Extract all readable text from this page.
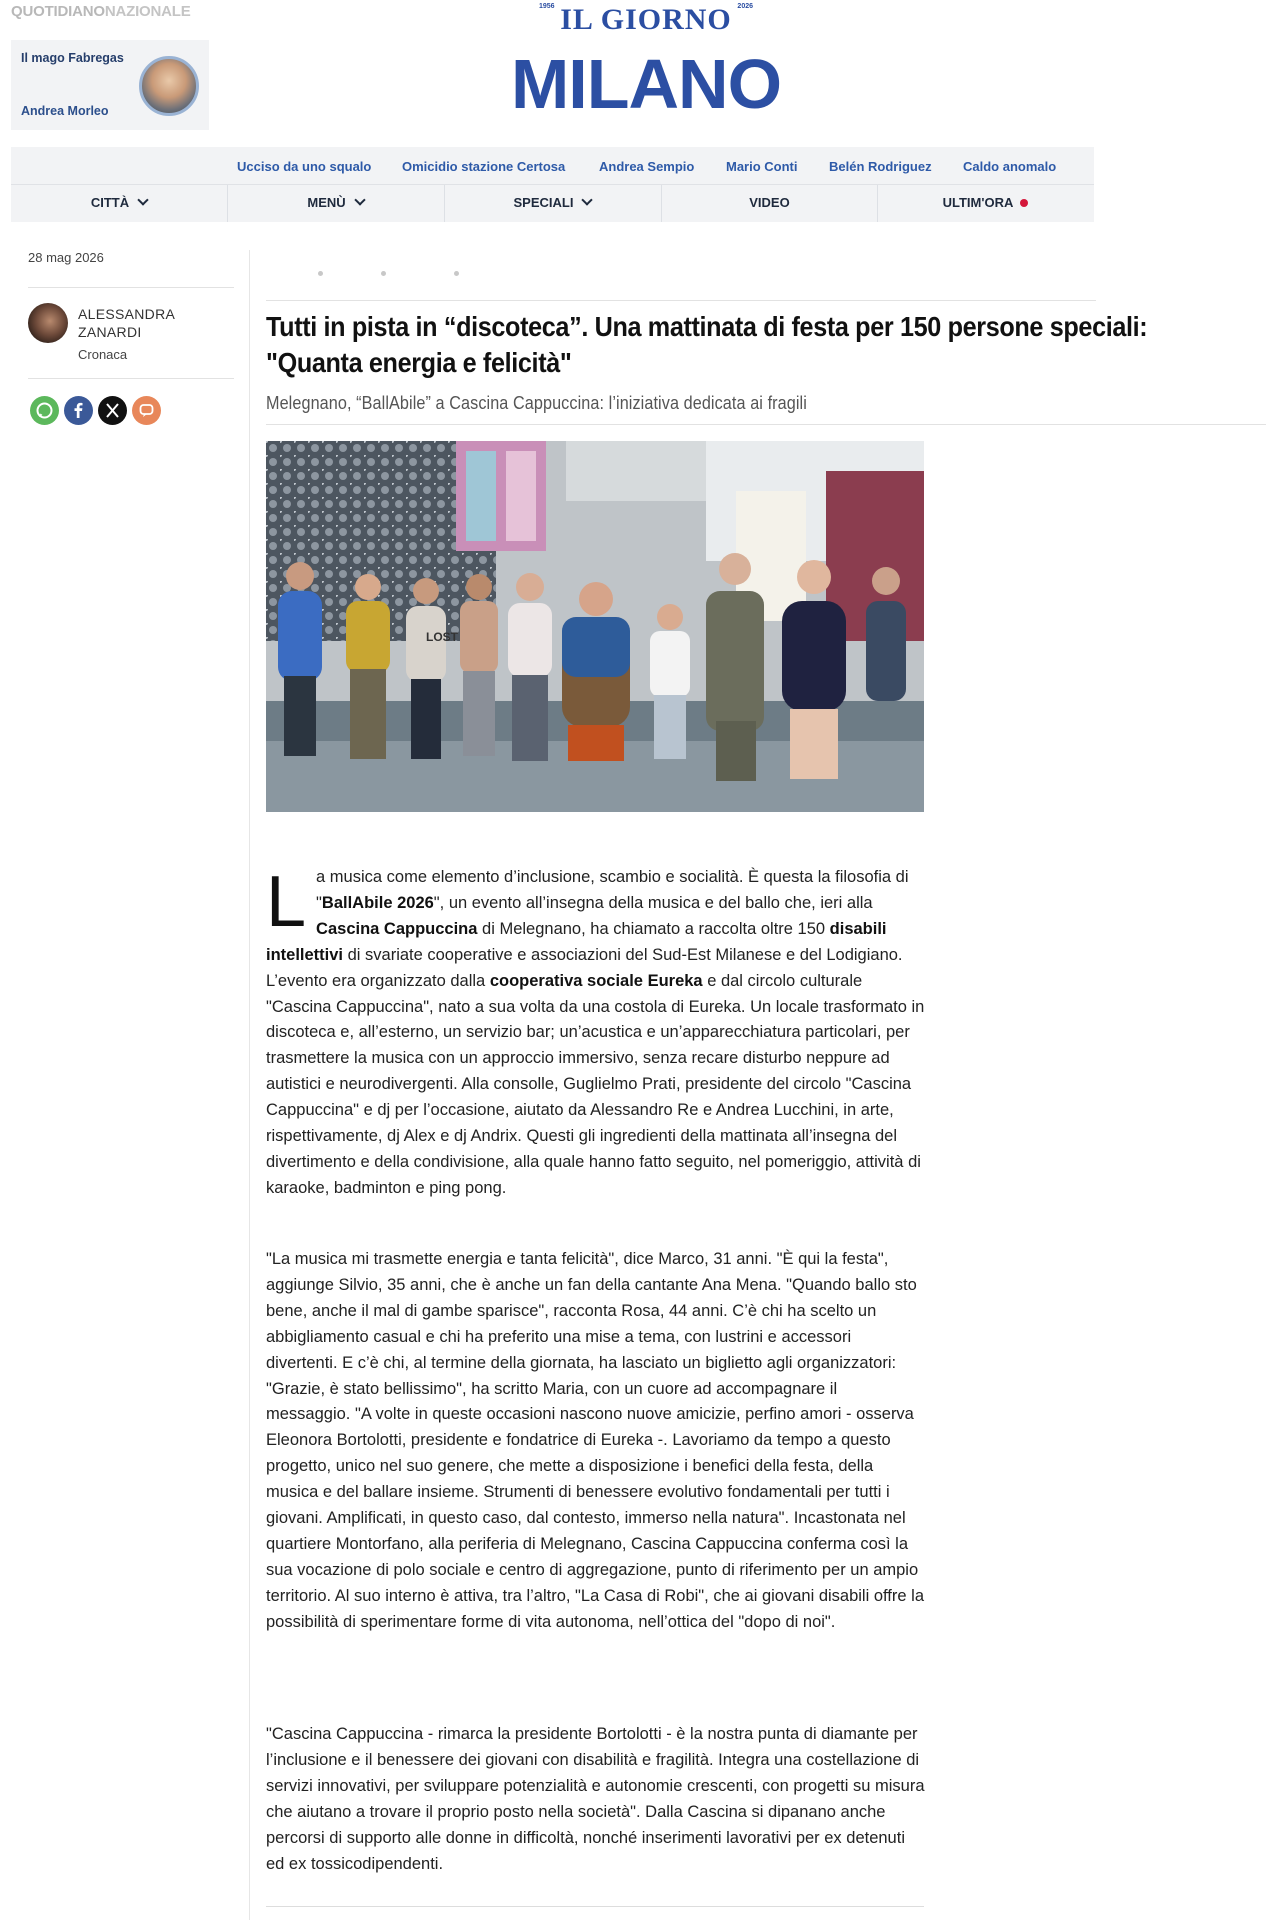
QUOTIDIANONAZIONALE
Il mago Fabregas
Andrea Morleo
1956 IL GIORNO 2026
MILANO
Ucciso da uno squalo Omicidio stazione Certosa	Andrea Sempio Mario Conti Belén Rodriguez Caldo anomalo
CITTÀ	MENÙ	SPECIALI	VIDEO	ULTIM'ORA
28 mag 2026
ALESSANDRA
ZANARDI
Cronaca
Tutti in pista in “discoteca”. Una mattinata di festa per 150 persone speciali: "Quanta energia e felicità"
Melegnano, “BallAbile” a Cascina Cappuccina: l’iniziativa dedicata ai fragili
LOST
La musica come elemento d’inclusione, scambio e socialità. È questa la filosofia di "BallAbile 2026", un evento all’insegna della musica e del ballo che, ieri alla Cascina Cappuccina di Melegnano, ha chiamato a raccolta oltre 150 disabili intellettivi di svariate cooperative e associazioni del Sud-Est Milanese e del Lodigiano. L’evento era organizzato dalla cooperativa sociale Eureka e dal circolo culturale "Cascina Cappuccina", nato a sua volta da una costola di Eureka. Un locale trasformato in discoteca e, all’esterno, un servizio bar; un’acustica e un’apparecchiatura particolari, per trasmettere la musica con un approccio immersivo, senza recare disturbo neppure ad autistici e neurodivergenti. Alla consolle, Guglielmo Prati, presidente del circolo "Cascina Cappuccina" e dj per l’occasione, aiutato da Alessandro Re e Andrea Lucchini, in arte, rispettivamente, dj Alex e dj Andrix. Questi gli ingredienti della mattinata all’insegna del divertimento e della condivisione, alla quale hanno fatto seguito, nel pomeriggio, attività di karaoke, badminton e ping pong.
"La musica mi trasmette energia e tanta felicità", dice Marco, 31 anni. "È qui la festa", aggiunge Silvio, 35 anni, che è anche un fan della cantante Ana Mena. "Quando ballo sto bene, anche il mal di gambe sparisce", racconta Rosa, 44 anni. C’è chi ha scelto un abbigliamento casual e chi ha preferito una mise a tema, con lustrini e accessori divertenti. E c’è chi, al termine della giornata, ha lasciato un biglietto agli organizzatori: "Grazie, è stato bellissimo", ha scritto Maria, con un cuore ad accompagnare il messaggio. "A volte in queste occasioni nascono nuove amicizie, perfino amori - osserva Eleonora Bortolotti, presidente e fondatrice di Eureka -. Lavoriamo da tempo a questo progetto, unico nel suo genere, che mette a disposizione i benefici della festa, della musica e del ballare insieme. Strumenti di benessere evolutivo fondamentali per tutti i giovani. Amplificati, in questo caso, dal contesto, immerso nella natura". Incastonata nel quartiere Montorfano, alla periferia di Melegnano, Cascina Cappuccina conferma così la sua vocazione di polo sociale e centro di aggregazione, punto di riferimento per un ampio territorio. Al suo interno è attiva, tra l’altro, "La Casa di Robi", che ai giovani disabili offre la possibilità di sperimentare forme di vita autonoma, nell’ottica del "dopo di noi".
"Cascina Cappuccina - rimarca la presidente Bortolotti - è la nostra punta di diamante per l’inclusione e il benessere dei giovani con disabilità e fragilità. Integra una costellazione di servizi innovativi, per sviluppare potenzialità e autonomie crescenti, con progetti su misura che aiutano a trovare il proprio posto nella società". Dalla Cascina si dipanano anche percorsi di supporto alle donne in difficoltà, nonché inserimenti lavorativi per ex detenuti ed ex tossicodipendenti.
